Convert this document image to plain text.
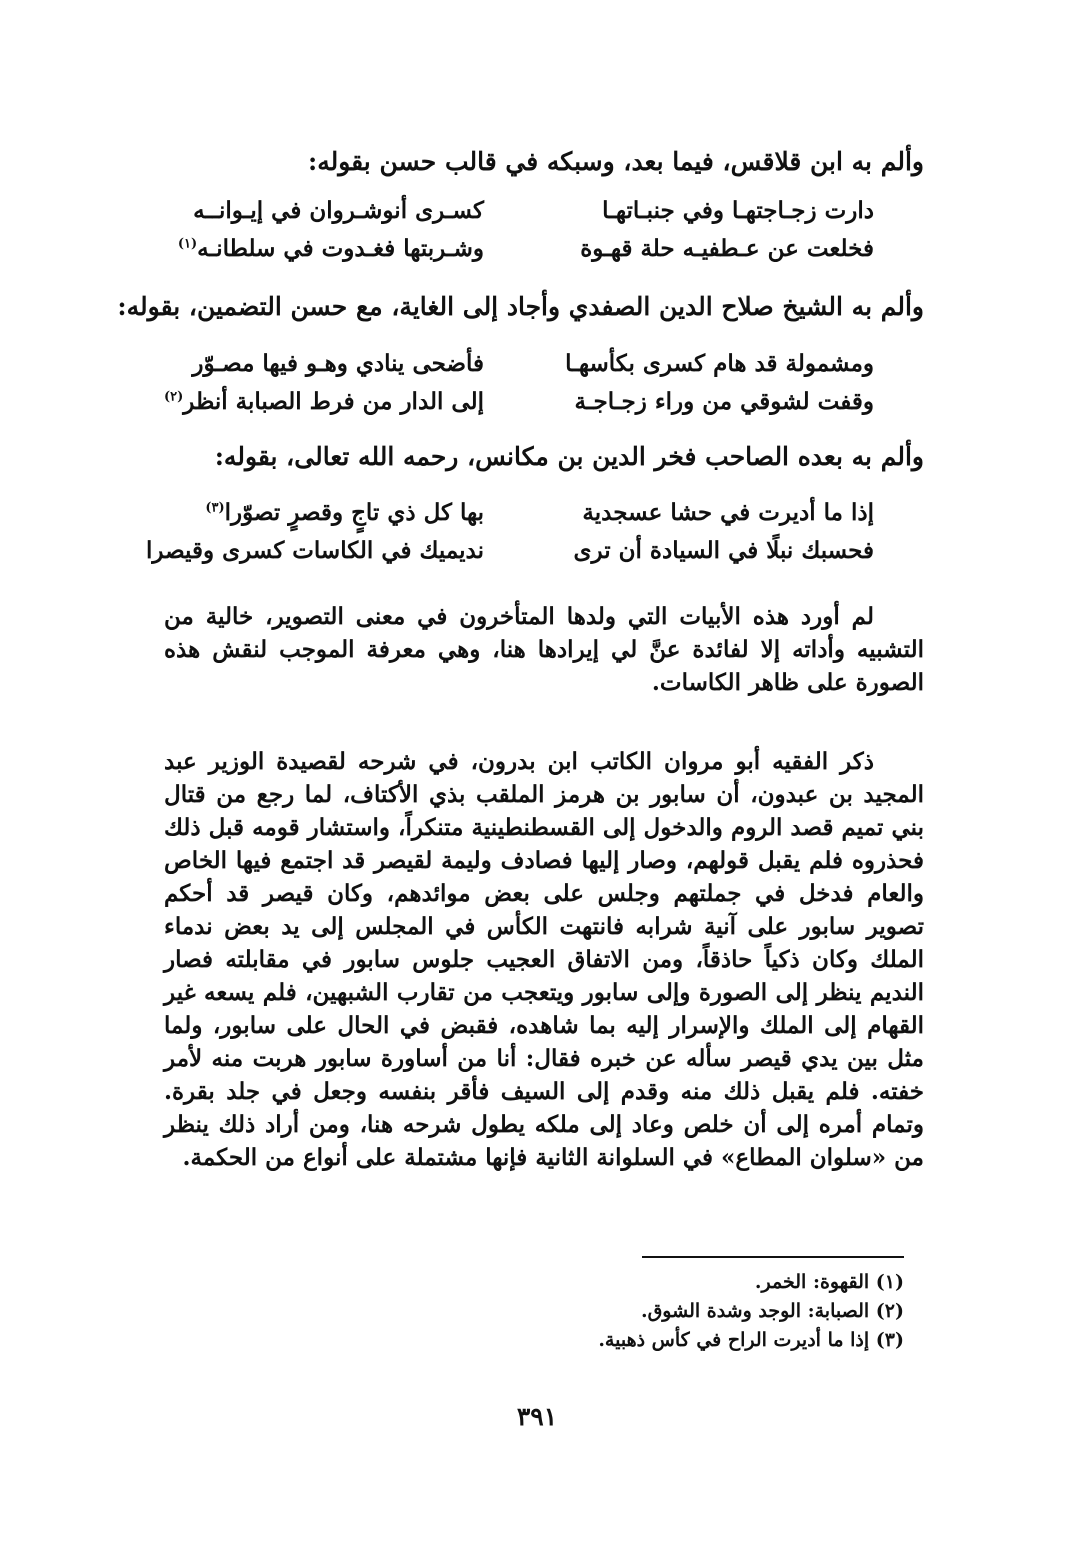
وألم به ابن قلاقس، فيما بعد، وسبكه في قالب حسن بقوله:
دارت زجـاجتهـا وفي جنبـاتهـا
كسـرى أنوشـروان في إيـوانــه
فخلعت عن عـطفيـه حلة قهـوة
وشـربتها فغـدوت في سلطانـه$^{(١)}$
وألم به الشيخ صلاح الدين الصفدي وأجاد إلى الغاية، مع حسن التضمين، بقوله:
ومشمولة قد هام كسرى بكأسهـا
فأضحى ينادي وهـو فيها مصـوّر
وقفت لشوقي من وراء زجـاجـة
إلى الدار من فرط الصبابة أنظر$^{(٢)}$
وألم به بعده الصاحب فخر الدين بن مكانس، رحمه الله تعالى، بقوله:
إذا ما أديرت في حشا عسجدية
بها كل ذي تاجٍ وقصرٍ تصوّرا$^{(٣)}$
فحسبك نبلًا في السيادة أن ترى
نديميك في الكاسات كسرى وقيصرا

لم أورد هذه الأبيات التي ولدها المتأخرون في معنى التصوير، خالية من التشبيه وأداته إلا لفائدة عنَّ لي إيرادها هنا، وهي معرفة الموجب لنقش هذه الصورة على ظاهر الكاسات.

ذكر الفقيه أبو مروان الكاتب ابن بدرون، في شرحه لقصيدة الوزير عبد المجيد بن عبدون، أن سابور بن هرمز الملقب بذي الأكتاف، لما رجع من قتال بني تميم قصد الروم والدخول إلى القسطنطينية متنكراً، واستشار قومه قبل ذلك فحذروه فلم يقبل قولهم، وصار إليها فصادف وليمة لقيصر قد اجتمع فيها الخاص والعام فدخل في جملتهم وجلس على بعض موائدهم، وكان قيصر قد أحكم تصوير سابور على آنية شرابه فانتهت الكأس في المجلس إلى يد بعض ندماء الملك وكان ذكياً حاذقاً، ومن الاتفاق العجيب جلوس سابور في مقابلته فصار النديم ينظر إلى الصورة وإلى سابور ويتعجب من تقارب الشبهين، فلم يسعه غير القهام إلى الملك والإسرار إليه بما شاهده، فقبض في الحال على سابور، ولما مثل بين يدي قيصر سأله عن خبره فقال: أنا من أساورة سابور هربت منه لأمر خفته. فلم يقبل ذلك منه وقدم إلى السيف فأقر بنفسه وجعل في جلد بقرة. وتمام أمره إلى أن خلص وعاد إلى ملكه يطول شرحه هنا، ومن أراد ذلك ينظر من «سلوان المطاع» في السلوانة الثانية فإنها مشتملة على أنواع من الحكمة.

(١) القهوة: الخمر.
(٢) الصبابة: الوجد وشدة الشوق.
(٣) إذا ما أديرت الراح في كأس ذهبية.
٣٩١
